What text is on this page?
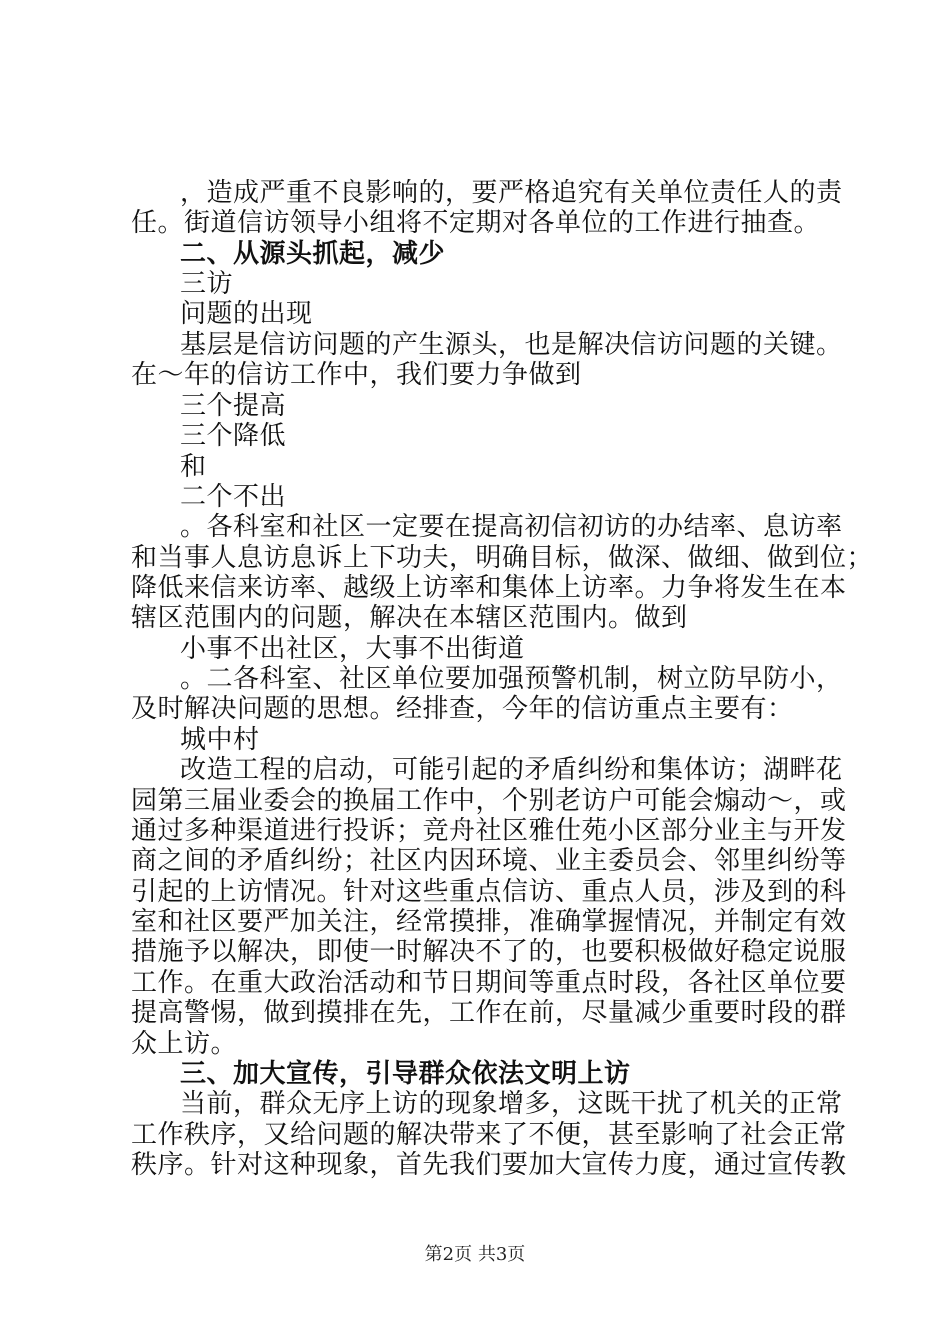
，造成严重不良影响的，要严格追究有关单位责任人的责
任。街道信访领导小组将不定期对各单位的工作进行抽查。
二、从源头抓起，减少
三访
问题的出现
基层是信访问题的产生源头，也是解决信访问题的关键。
在～年的信访工作中，我们要力争做到
三个提高
三个降低
和
二个不出
。各科室和社区一定要在提高初信初访的办结率、息访率
和当事人息访息诉上下功夫，明确目标，做深、做细、做到位；
降低来信来访率、越级上访率和集体上访率。力争将发生在本
辖区范围内的问题，解决在本辖区范围内。做到
小事不出社区，大事不出街道
。二各科室、社区单位要加强预警机制，树立防早防小，
及时解决问题的思想。经排查，今年的信访重点主要有：
城中村
改造工程的启动，可能引起的矛盾纠纷和集体访；湖畔花
园第三届业委会的换届工作中，个别老访户可能会煽动～，或
通过多种渠道进行投诉；竞舟社区雅仕苑小区部分业主与开发
商之间的矛盾纠纷；社区内因环境、业主委员会、邻里纠纷等
引起的上访情况。针对这些重点信访、重点人员，涉及到的科
室和社区要严加关注，经常摸排，准确掌握情况，并制定有效
措施予以解决，即使一时解决不了的，也要积极做好稳定说服
工作。在重大政治活动和节日期间等重点时段，各社区单位要
提高警惕，做到摸排在先，工作在前，尽量减少重要时段的群
众上访。
三、加大宣传，引导群众依法文明上访
当前，群众无序上访的现象增多，这既干扰了机关的正常
工作秩序，又给问题的解决带来了不便，甚至影响了社会正常
秩序。针对这种现象，首先我们要加大宣传力度，通过宣传教
第2页 共3页
